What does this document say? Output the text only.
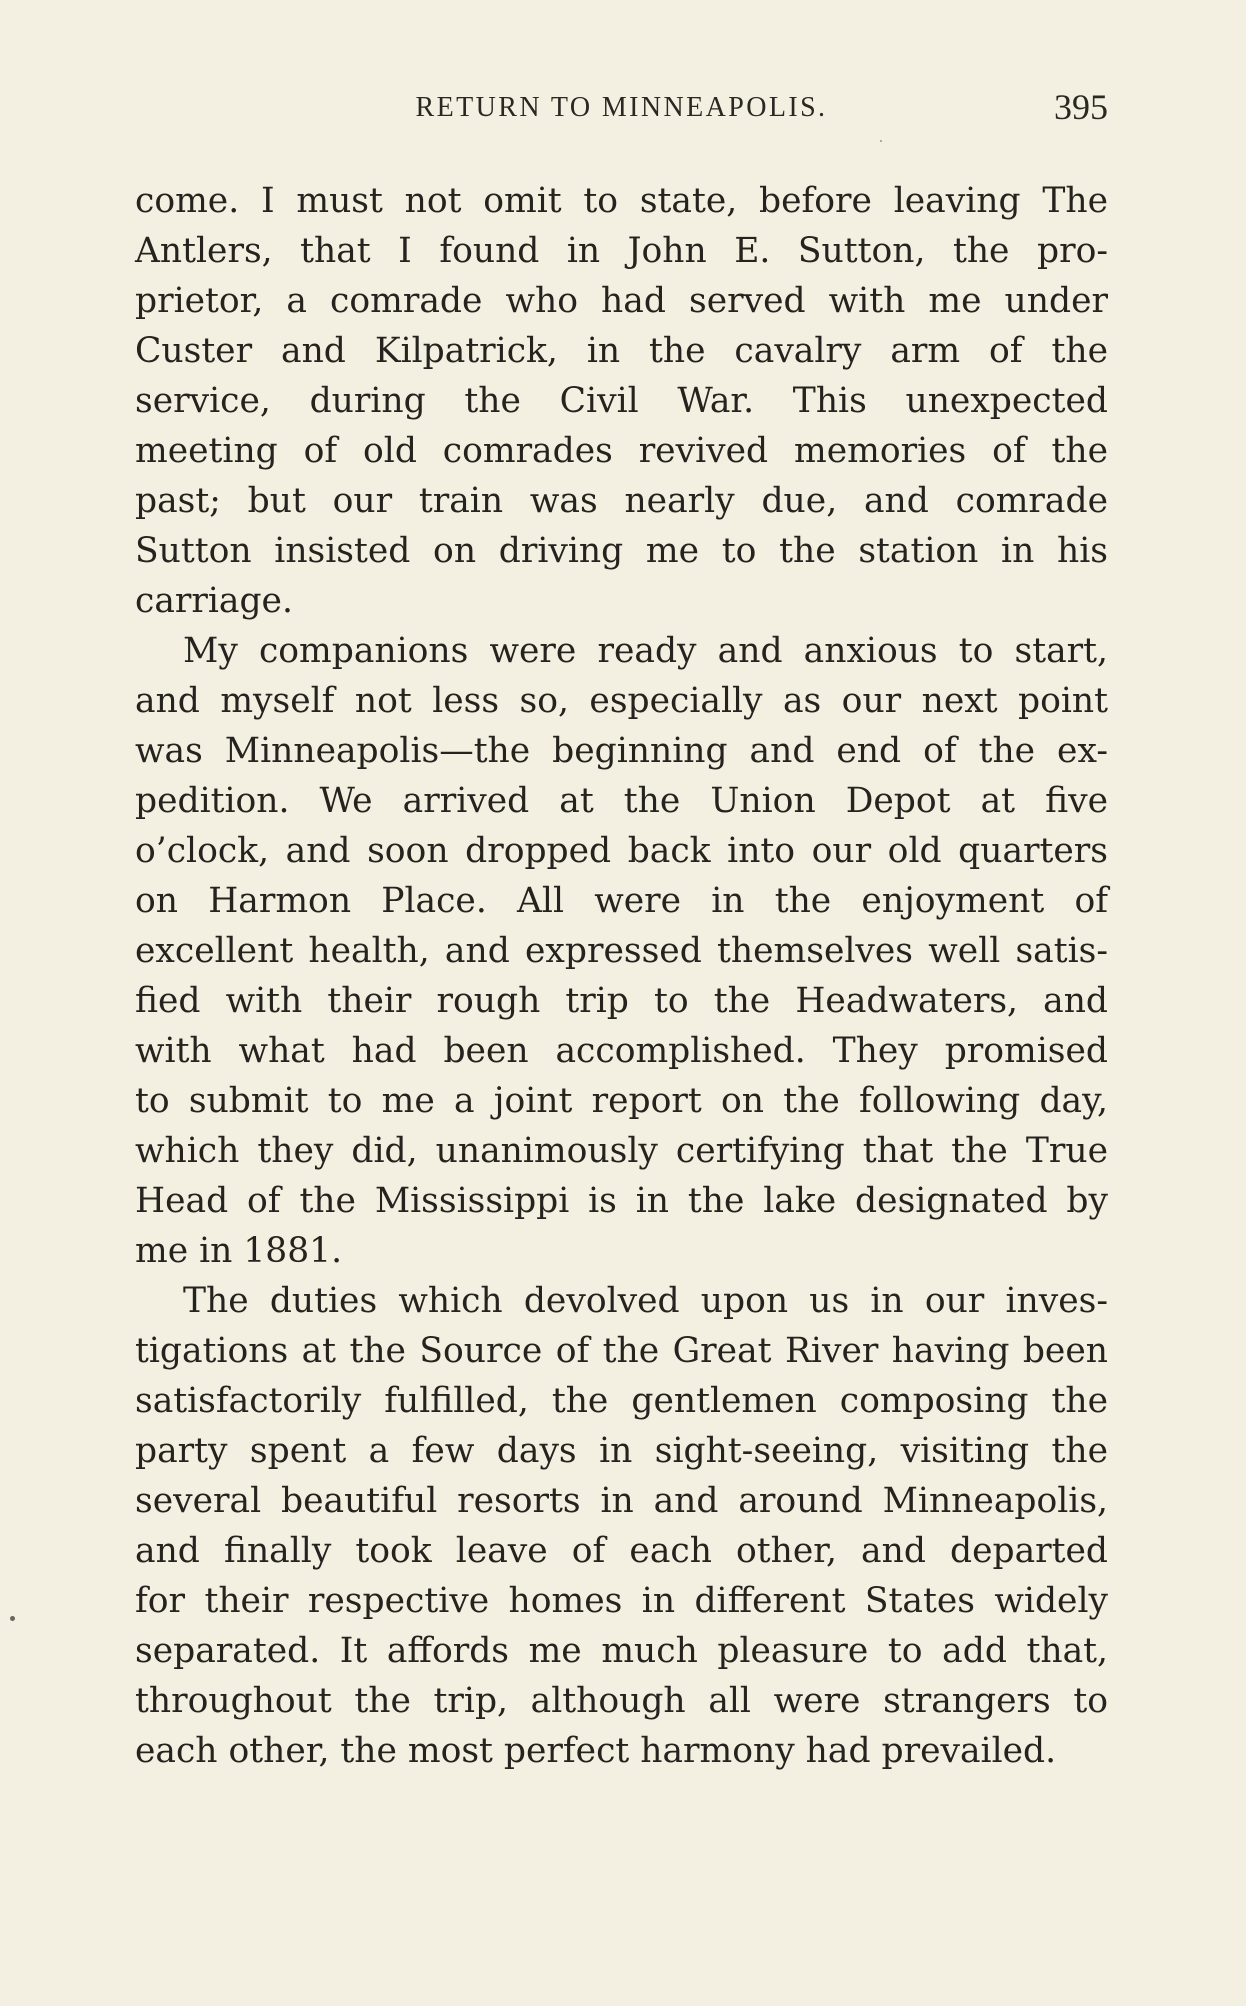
RETURN TO MINNEAPOLIS.	395
come. I must not omit to state, before leaving The
Antlers, that I found in John E. Sutton, the pro-
prietor, a comrade who had served with me under
Custer and Kilpatrick, in the cavalry arm of the
service, during the Civil War. This unexpected
meeting of old comrades revived memories of the
past; but our train was nearly due, and comrade
Sutton insisted on driving me to the station in his
carriage.
My companions were ready and anxious to start,
and myself not less so, especially as our next point
was Minneapolis—the beginning and end of the ex-
pedition. We arrived at the Union Depot at five
o’clock, and soon dropped back into our old quarters
on Harmon Place. All were in the enjoyment of
excellent health, and expressed themselves well satis-
fied with their rough trip to the Headwaters, and
with what had been accomplished. They promised
to submit to me a joint report on the following day,
which they did, unanimously certifying that the True
Head of the Mississippi is in the lake designated by
me in 1881.
The duties which devolved upon us in our inves-
tigations at the Source of the Great River having been
satisfactorily fulfilled, the gentlemen composing the
party spent a few days in sight-seeing, visiting the
several beautiful resorts in and around Minneapolis,
and finally took leave of each other, and departed
for their respective homes in different States widely
separated. It affords me much pleasure to add that,
throughout the trip, although all were strangers to
each other, the most perfect harmony had prevailed.
